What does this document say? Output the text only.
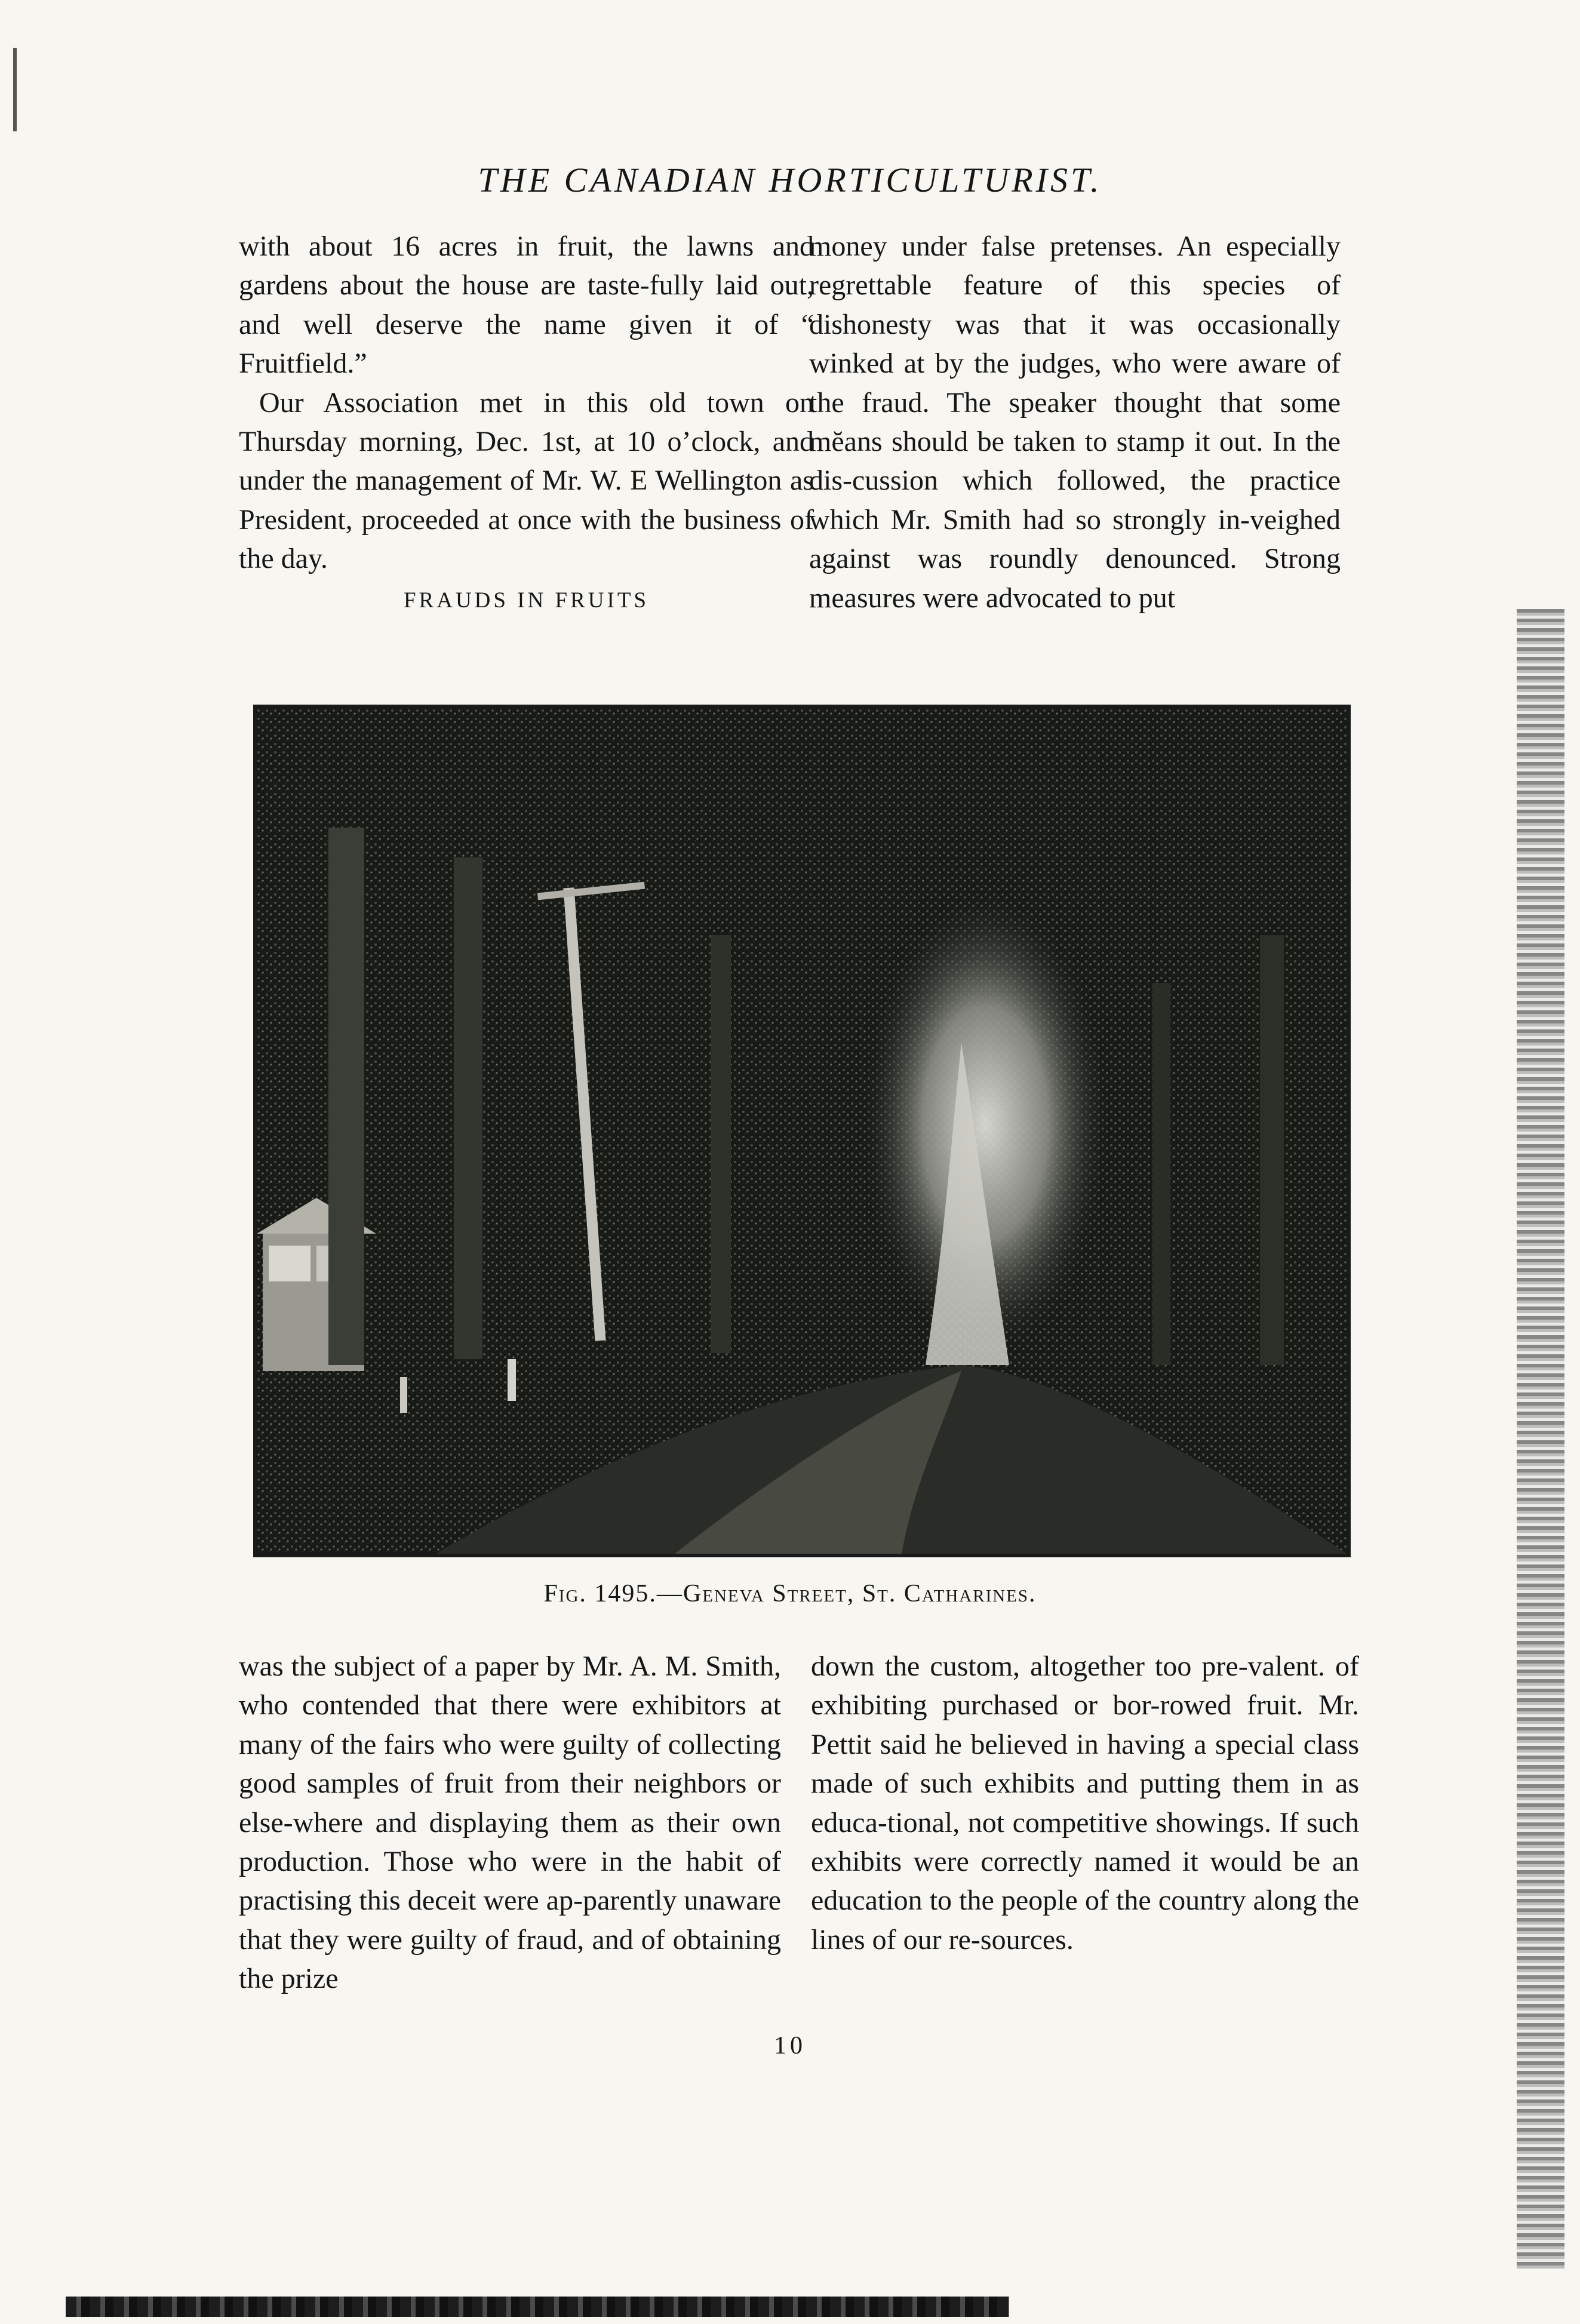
THE CANADIAN HORTICULTURIST.

with about 16 acres in fruit, the lawns and gardens about the house are taste-fully laid out, and well deserve the name given it of “ Fruitfield.”

Our Association met in this old town on Thursday morning, Dec. 1st, at 10 o’clock, and under the management of Mr. W. E Wellington as President, proceeded at once with the business of the day.

FRAUDS IN FRUITS

money under false pretenses. An especially regrettable feature of this species of dishonesty was that it was occasionally winked at by the judges, who were aware of the fraud. The speaker thought that some mĕans should be taken to stamp it out. In the dis-cussion which followed, the practice which Mr. Smith had so strongly in-veighed against was roundly denounced. Strong measures were advocated to put

Fig. 1495.—Geneva Street, St. Catharines.

was the subject of a paper by Mr. A. M. Smith, who contended that there were exhibitors at many of the fairs who were guilty of collecting good samples of fruit from their neighbors or else-where and displaying them as their own production. Those who were in the habit of practising this deceit were ap-parently unaware that they were guilty of fraud, and of obtaining the prize

down the custom, altogether too pre-valent. of exhibiting purchased or bor-rowed fruit. Mr. Pettit said he believed in having a special class made of such exhibits and putting them in as educa-tional, not competitive showings. If such exhibits were correctly named it would be an education to the people of the country along the lines of our re-sources.

10
